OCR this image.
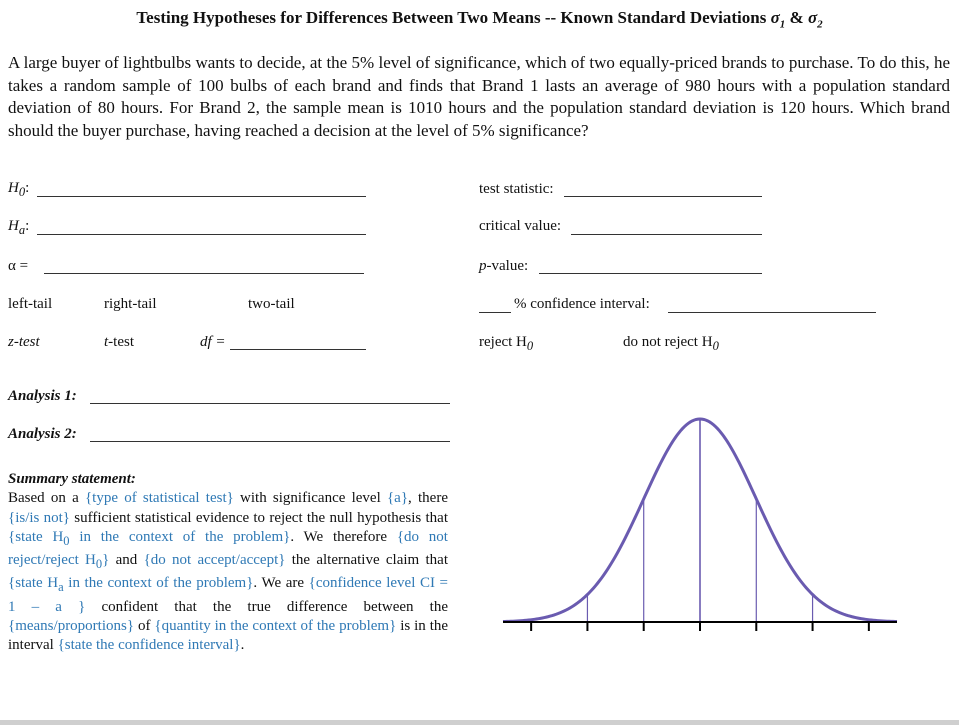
Testing Hypotheses for Differences Between Two Means -- Known Standard Deviations $\sigma_1$ & $\sigma_2$
A large buyer of lightbulbs wants to decide, at the 5% level of significance, which of two equally-priced brands to purchase. To do this, he takes a random sample of 100 bulbs of each brand and finds that Brand 1 lasts an average of 980 hours with a population standard deviation of 80 hours. For Brand 2, the sample mean is 1010 hours and the population standard deviation is 120 hours. Which brand should the buyer purchase, having reached a decision at the level of 5% significance?
$H_0$:
$H_a$:
α =
left-tail	right-tail	two-tail
z-test	t-test	df =
Analysis 1:
Analysis 2:
test statistic:
critical value:
p-value:
% confidence interval:
reject $H_0$	do not reject $H_0$
Summary statement:
Based on a {type of statistical test} with significance level {a}, there {is/is not} sufficient statistical evidence to reject the null hypothesis that {state $H_0$ in the context of the problem}. We therefore {do not reject/reject $H_0$} and {do not accept/accept} the alternative claim that {state $H_a$ in the context of the problem}. We are {confidence level CI = 1 – a } confident that the true difference between the {means/proportions} of {quantity in the context of the problem} is in the interval {state the confidence interval}.
